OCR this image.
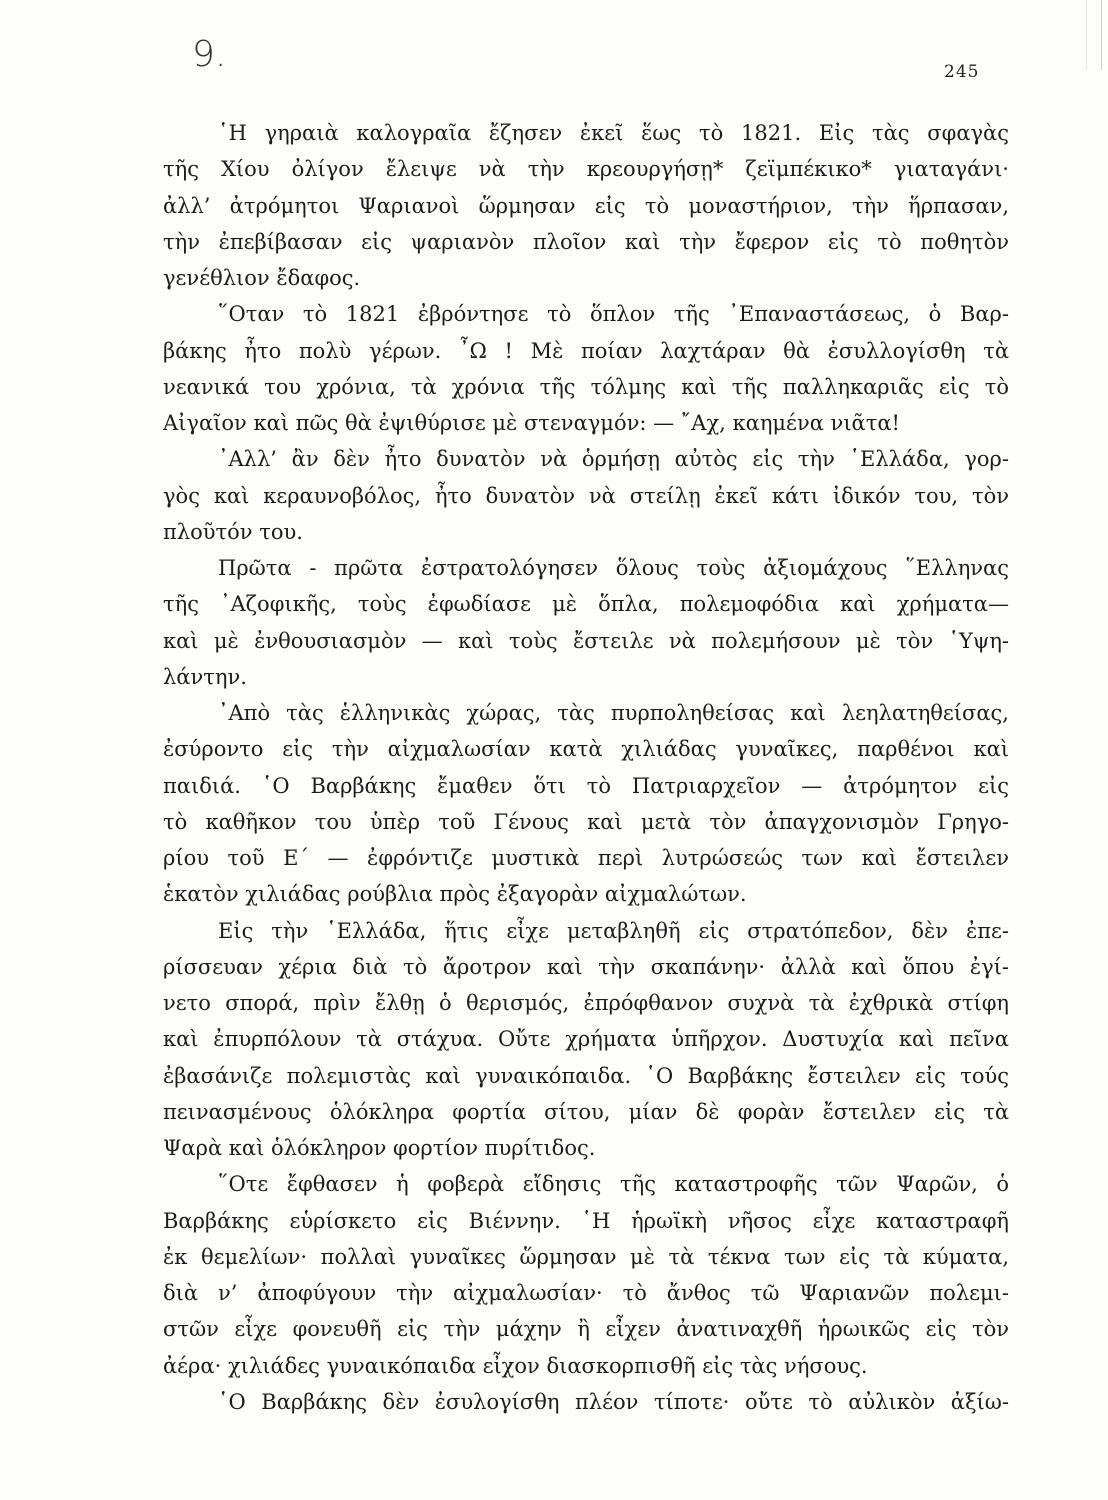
9.	245
῾Η γηραιὰ καλογραῖα ἔζησεν ἐκεῖ ἕως τὸ 1821. Εἰς τὰς σφαγὰς
τῆς Χίου ὀλίγον ἔλειψε νὰ τὴν κρεουργήσῃ* ζεϊμπέκικο* γιαταγάνι·
ἀλλ’ ἀτρόμητοι Ψαριανοὶ ὥρμησαν εἰς τὸ μοναστήριον, τὴν ἥρπασαν,
τὴν ἐπεβίβασαν εἰς ψαριανὸν πλοῖον καὶ τὴν ἔφερον εἰς τὸ ποθητὸν
γενέθλιον ἔδαφος.
῞Οταν τὸ 1821 ἐβρόντησε τὸ ὅπλον τῆς ᾿Επαναστάσεως, ὁ Βαρ-
βάκης ἦτο πολὺ γέρων. ῏Ω ! Μὲ ποίαν λαχτάραν θὰ ἐσυλλογίσθη τὰ
νεανικά του χρόνια, τὰ χρόνια τῆς τόλμης καὶ τῆς παλληκαριᾶς εἰς τὸ
Αἰγαῖον καὶ πῶς θὰ ἐψιθύρισε μὲ στεναγμόν: — ῎Αχ, καημένα νιᾶτα!
᾿Αλλ’ ἂν δὲν ἦτο δυνατὸν νὰ ὁρμήσῃ αὐτὸς εἰς τὴν ῾Ελλάδα, γορ-
γὸς καὶ κεραυνοβόλος, ἦτο δυνατὸν νὰ στείλῃ ἐκεῖ κάτι ἰδικόν του, τὸν
πλοῦτόν του.
Πρῶτα - πρῶτα ἐστρατολόγησεν ὅλους τοὺς ἀξιομάχους ῞Ελληνας
τῆς ᾿Αζοφικῆς, τοὺς ἐφωδίασε μὲ ὅπλα, πολεμοφόδια καὶ χρήματα—
καὶ μὲ ἐνθουσιασμὸν — καὶ τοὺς ἔστειλε νὰ πολεμήσουν μὲ τὸν ῾Υψη-
λάντην.
᾿Απὸ τὰς ἑλληνικὰς χώρας, τὰς πυρποληθείσας καὶ λεηλατηθείσας,
ἐσύροντο εἰς τὴν αἰχμαλωσίαν κατὰ χιλιάδας γυναῖκες, παρθένοι καὶ
παιδιά. ῾Ο Βαρβάκης ἔμαθεν ὅτι τὸ Πατριαρχεῖον — ἀτρόμητον εἰς
τὸ καθῆκον του ὑπὲρ τοῦ Γένους καὶ μετὰ τὸν ἀπαγχονισμὸν Γρηγο-
ρίου τοῦ Ε΄ — ἐφρόντιζε μυστικὰ περὶ λυτρώσεώς των καὶ ἔστειλεν
ἑκατὸν χιλιάδας ρούβλια πρὸς ἐξαγορὰν αἰχμαλώτων.
Εἰς τὴν ῾Ελλάδα, ἥτις εἶχε μεταβληθῆ εἰς στρατόπεδον, δὲν ἐπε-
ρίσσευαν χέρια διὰ τὸ ἄροτρον καὶ τὴν σκαπάνην· ἀλλὰ καὶ ὅπου ἐγί-
νετο σπορά, πρὶν ἔλθῃ ὁ θερισμός, ἐπρόφθανον συχνὰ τὰ ἐχθρικὰ στίφη
καὶ ἐπυρπόλουν τὰ στάχυα. Οὔτε χρήματα ὑπῆρχον. Δυστυχία καὶ πεῖνα
ἐβασάνιζε πολεμιστὰς καὶ γυναικόπαιδα. ῾Ο Βαρβάκης ἔστειλεν εἰς τούς
πεινασμένους ὁλόκληρα φορτία σίτου, μίαν δὲ φορὰν ἔστειλεν εἰς τὰ
Ψαρὰ καὶ ὁλόκληρον φορτίον πυρίτιδος.
῞Οτε ἔφθασεν ἡ φοβερὰ εἴδησις τῆς καταστροφῆς τῶν Ψαρῶν, ὁ
Βαρβάκης εὑρίσκετο εἰς Βιέννην. ῾Η ἡρωϊκὴ νῆσος εἶχε καταστραφῆ
ἐκ θεμελίων· πολλαὶ γυναῖκες ὥρμησαν μὲ τὰ τέκνα των εἰς τὰ κύματα,
διὰ ν’ ἀποφύγουν τὴν αἰχμαλωσίαν· τὸ ἄνθος τῶ Ψαριανῶν πολεμι-
στῶν εἶχε φονευθῆ εἰς τὴν μάχην ἢ εἶχεν ἀνατιναχθῆ ἡρωικῶς εἰς τὸν
ἀέρα· χιλιάδες γυναικόπαιδα εἶχον διασκορπισθῆ εἰς τὰς νήσους.
῾Ο Βαρβάκης δὲν ἐσυλογίσθη πλέον τίποτε· οὔτε τὸ αὐλικὸν ἀξίω-
